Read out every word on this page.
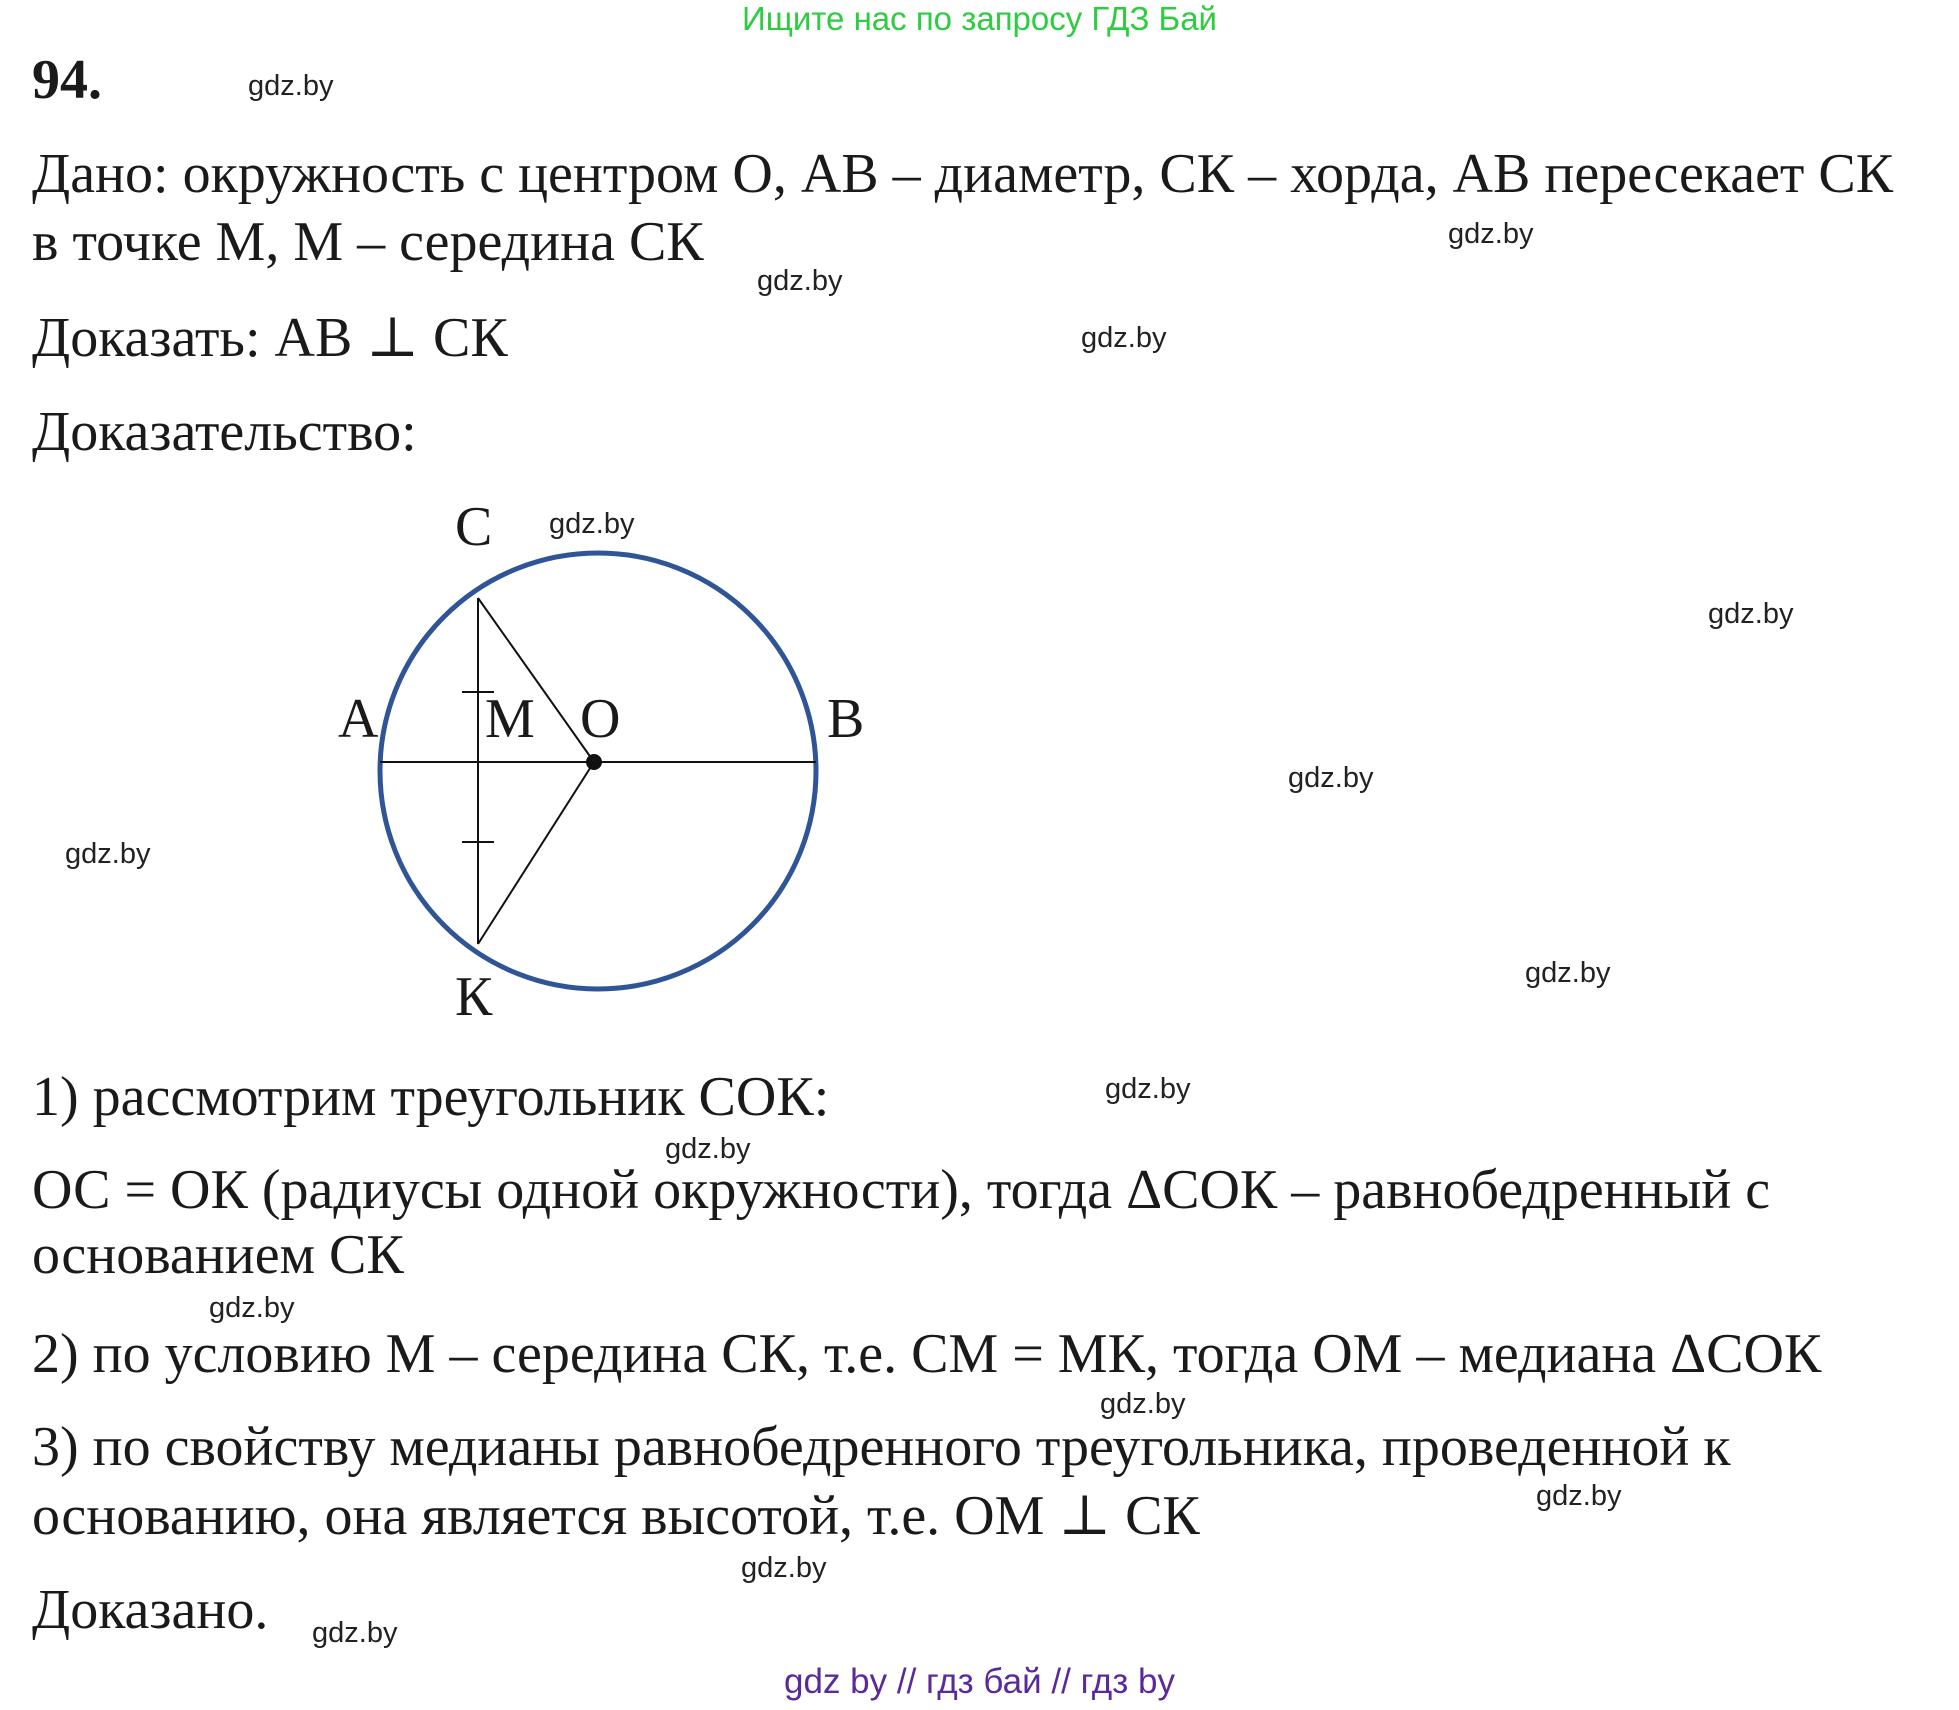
Ищите нас по запросу ГДЗ Бай
94.
Дано: окружность с центром О, АВ – диаметр, СК – хорда, АВ пересекает СК
в точке М, М – середина СК
Доказать: АВ ⊥ СК
Доказательство:
С
А М О	В
К
1) рассмотрим треугольник СОК:
ОС = ОК (радиусы одной окружности), тогда ΔСОК – равнобедренный с
основанием СК
2) по условию М – середина СК, т.е. СМ = МК, тогда ОМ – медиана ΔСОК
3) по свойству медианы равнобедренного треугольника, проведенной к
основанию, она является высотой, т.е. ОМ ⊥ СК
Доказано.
gdz.by
gdz.by
gdz.by
gdz.by
gdz.by
gdz.by
gdz.by
gdz.by
gdz.by
gdz.by
gdz.by
gdz.by
gdz.by
gdz.by
gdz.by
gdz.by
gdz by // гдз бай // гдз by
